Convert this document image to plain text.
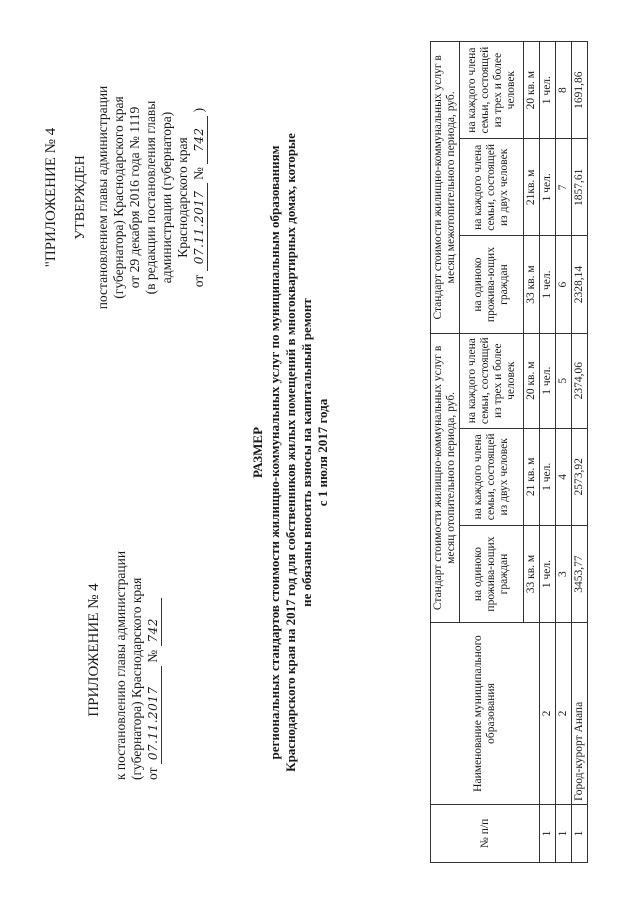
ПРИЛОЖЕНИЕ № 4 к постановлению главы администрации (губернатора) Краснодарского края от 07.11.2017 № 742
"ПРИЛОЖЕНИЕ № 4 УТВЕРЖДЕН постановлением главы администрации (губернатора) Краснодарского края от 29 декабря 2016 года № 1119 (в редакции постановления главы администрации (губернатора) Краснодарского края
от 07.11.2017 № 742 )
РАЗМЕР региональных стандартов стоимости жилищно-коммунальных услуг по муниципальным образованиям Краснодарского края на 2017 год для собственников жилых помещений в многоквартирных домах, которые не обязаны вносить взносы на капитальный ремонт с 1 июля 2017 года
№ п/п	Наименование муниципального образования	Стандарт стоимости жилищно-коммунальных услуг в месяц отопительного периода, руб.			Стандарт стоимости жилищно-коммунальных услуг в месяц межотопительного периода, руб.		
		на одиноко прожива-ющих граждан	на каждого члена семьи, состоящей из двух человек	на каждого члена семьи, состоящей из трех и более человек	на одиноко прожива-ющих граждан	на каждого члена семьи, состоящей из двух человек	на каждого члена семьи, состоящей из трех и более человек
		33 кв. м	21 кв. м	20 кв. м	33 кв. м	21кв. м	20 кв. м
1	2	1 чел.	1 чел.	1 чел.	1 чел.	1 чел.	1 чел.
1	2	3	4	5	6	7	8
1	Город-курорт Анапа	3453,77	2573,92	2374,06	2328,14	1857,61	1691,86
